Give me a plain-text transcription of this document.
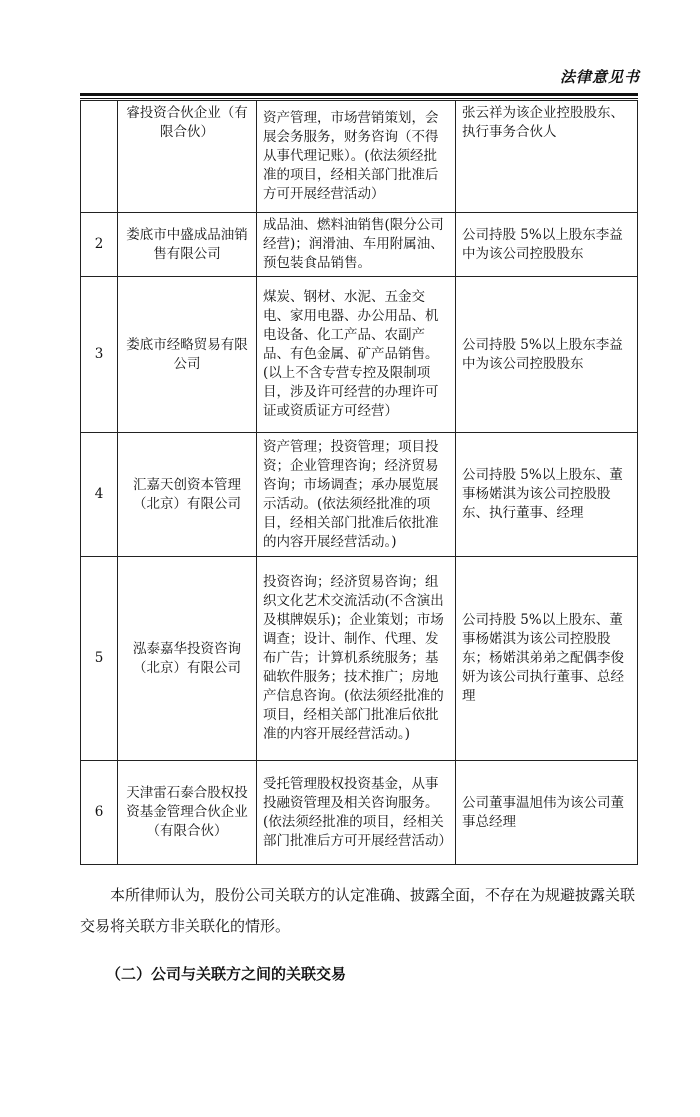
法律意见书
	睿投资合伙企业（有限合伙）	资产管理，市场营销策划，会展会务服务，财务咨询（不得从事代理记账）。(依法须经批准的项目，经相关部门批准后方可开展经营活动）	张云祥为该企业控股股东、执行事务合伙人
2	娄底市中盛成品油销售有限公司	成品油、燃料油销售(限分公司经营)；润滑油、车用附属油、预包装食品销售。	公司持股 5%以上股东李益中为该公司控股股东
3	娄底市经略贸易有限公司	煤炭、钢材、水泥、五金交电、家用电器、办公用品、机电设备、化工产品、农副产品、有色金属、矿产品销售。(以上不含专营专控及限制项目，涉及许可经营的办理许可证或资质证方可经营）	公司持股 5%以上股东李益中为该公司控股股东
4	汇嘉天创资本管理（北京）有限公司	资产管理；投资管理；项目投资；企业管理咨询；经济贸易咨询；市场调查；承办展览展示活动。(依法须经批准的项目，经相关部门批准后依批准的内容开展经营活动。)	公司持股 5%以上股东、董事杨婼淇为该公司控股股东、执行董事、经理
5	泓泰嘉华投资咨询（北京）有限公司	投资咨询；经济贸易咨询；组织文化艺术交流活动(不含演出及棋牌娱乐)；企业策划；市场调查；设计、制作、代理、发布广告；计算机系统服务；基础软件服务；技术推广；房地产信息咨询。(依法须经批准的项目，经相关部门批准后依批准的内容开展经营活动。)	公司持股 5%以上股东、董事杨婼淇为该公司控股股东；杨婼淇弟弟之配偶李俊妍为该公司执行董事、总经理
6	天津雷石泰合股权投资基金管理合伙企业（有限合伙）	受托管理股权投资基金，从事投融资管理及相关咨询服务。(依法须经批准的项目，经相关部门批准后方可开展经营活动）	公司董事温旭伟为该公司董事总经理
本所律师认为，股份公司关联方的认定准确、披露全面，不存在为规避披露关联交易将关联方非关联化的情形。
（二）公司与关联方之间的关联交易
